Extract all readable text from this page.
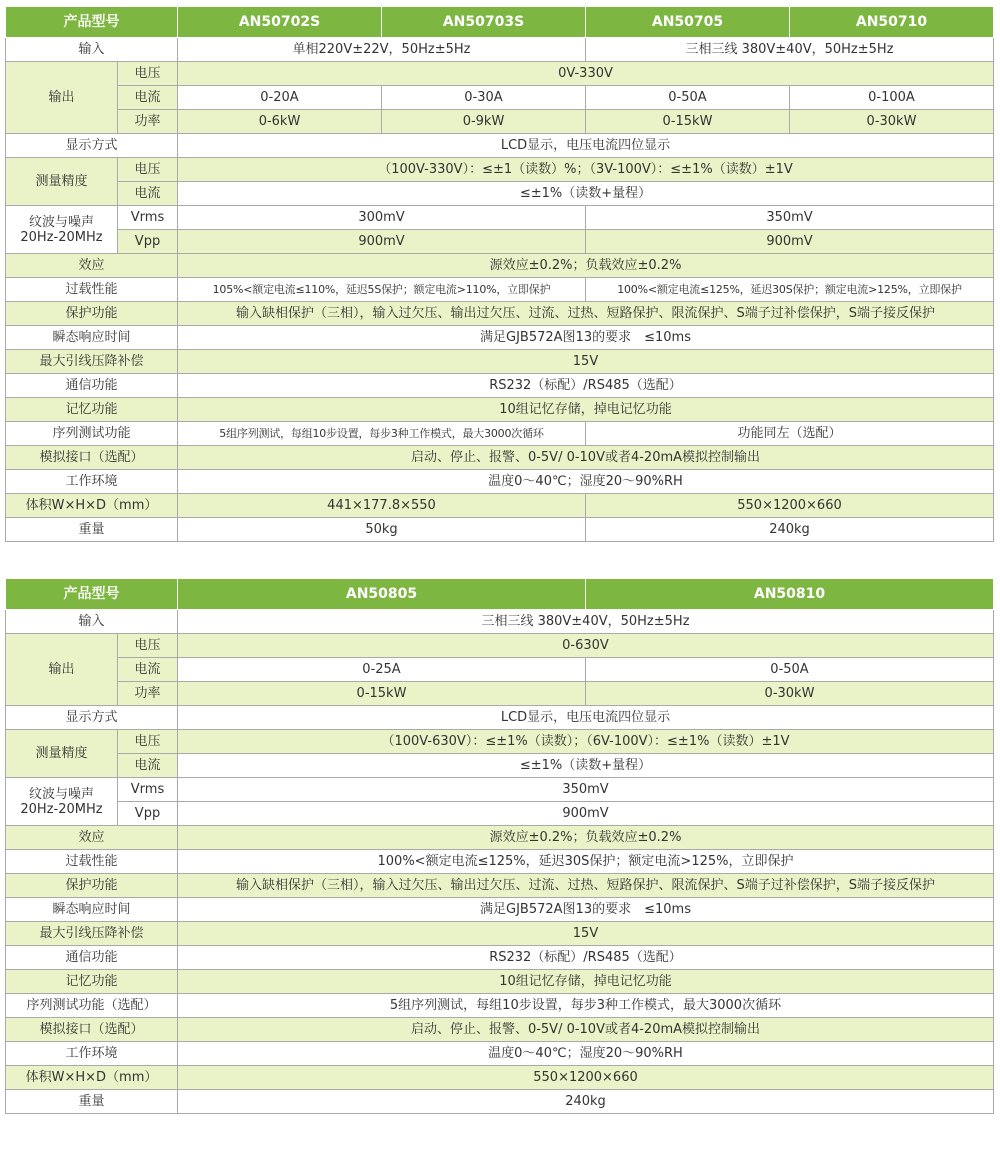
产品型号		AN50702S	AN50703S	AN50705	AN50710
输入		单相220V±22V，50Hz±5Hz		三相三线 380V±40V，50Hz±5Hz	
输出	电压	0V-330V			
	电流	0-20A	0-30A	0-50A	0-100A
	功率	0-6kW	0-9kW	0-15kW	0-30kW
显示方式		LCD显示，电压电流四位显示			
测量精度	电压	（100V-330V）：≤±1（读数）%；（3V-100V）：≤±1%（读数）±1V			
	电流	≤±1%（读数+量程）			
纹波与噪声
20Hz-20MHz	Vrms	300mV		350mV	
	Vpp	900mV		900mV	
效应		源效应±0.2%；负载效应±0.2%			
过载性能		105%<额定电流≤110%，延迟5S保护；额定电流>110%，立即保护		100%<额定电流≤125%，延迟30S保护；额定电流>125%，立即保护	
保护功能		输入缺相保护（三相），输入过欠压、输出过欠压、过流、过热、短路保护、限流保护、S端子过补偿保护，S端子接反保护			
瞬态响应时间		满足GJB572A图13的要求　≤10ms			
最大引线压降补偿		15V			
通信功能		RS232（标配）/RS485（选配）			
记忆功能		10组记忆存储，掉电记忆功能			
序列测试功能		5组序列测试，每组10步设置，每步3种工作模式，最大3000次循环		功能同左（选配）	
模拟接口（选配）		启动、停止、报警、0-5V/ 0-10V或者4-20mA模拟控制输出			
工作环境		温度0～40℃；湿度20～90%RH			
体积W×H×D（mm）		441×177.8×550		550×1200×660	
重量		50kg		240kg	
产品型号		AN50805	AN50810
输入		三相三线 380V±40V，50Hz±5Hz	
输出	电压	0-630V	
	电流	0-25A	0-50A
	功率	0-15kW	0-30kW
显示方式		LCD显示，电压电流四位显示	
测量精度	电压	（100V-630V）：≤±1%（读数）；（6V-100V）：≤±1%（读数）±1V	
	电流	≤±1%（读数+量程）	
纹波与噪声
20Hz-20MHz	Vrms	350mV	
	Vpp	900mV	
效应		源效应±0.2%；负载效应±0.2%	
过载性能		100%<额定电流≤125%，延迟30S保护；额定电流>125%，立即保护	
保护功能		输入缺相保护（三相），输入过欠压、输出过欠压、过流、过热、短路保护、限流保护、S端子过补偿保护，S端子接反保护	
瞬态响应时间		满足GJB572A图13的要求　≤10ms	
最大引线压降补偿		15V	
通信功能		RS232（标配）/RS485（选配）	
记忆功能		10组记忆存储，掉电记忆功能	
序列测试功能（选配）		5组序列测试，每组10步设置，每步3种工作模式，最大3000次循环	
模拟接口（选配）		启动、停止、报警、0-5V/ 0-10V或者4-20mA模拟控制输出	
工作环境		温度0～40℃；湿度20～90%RH	
体积W×H×D（mm）		550×1200×660	
重量		240kg	
